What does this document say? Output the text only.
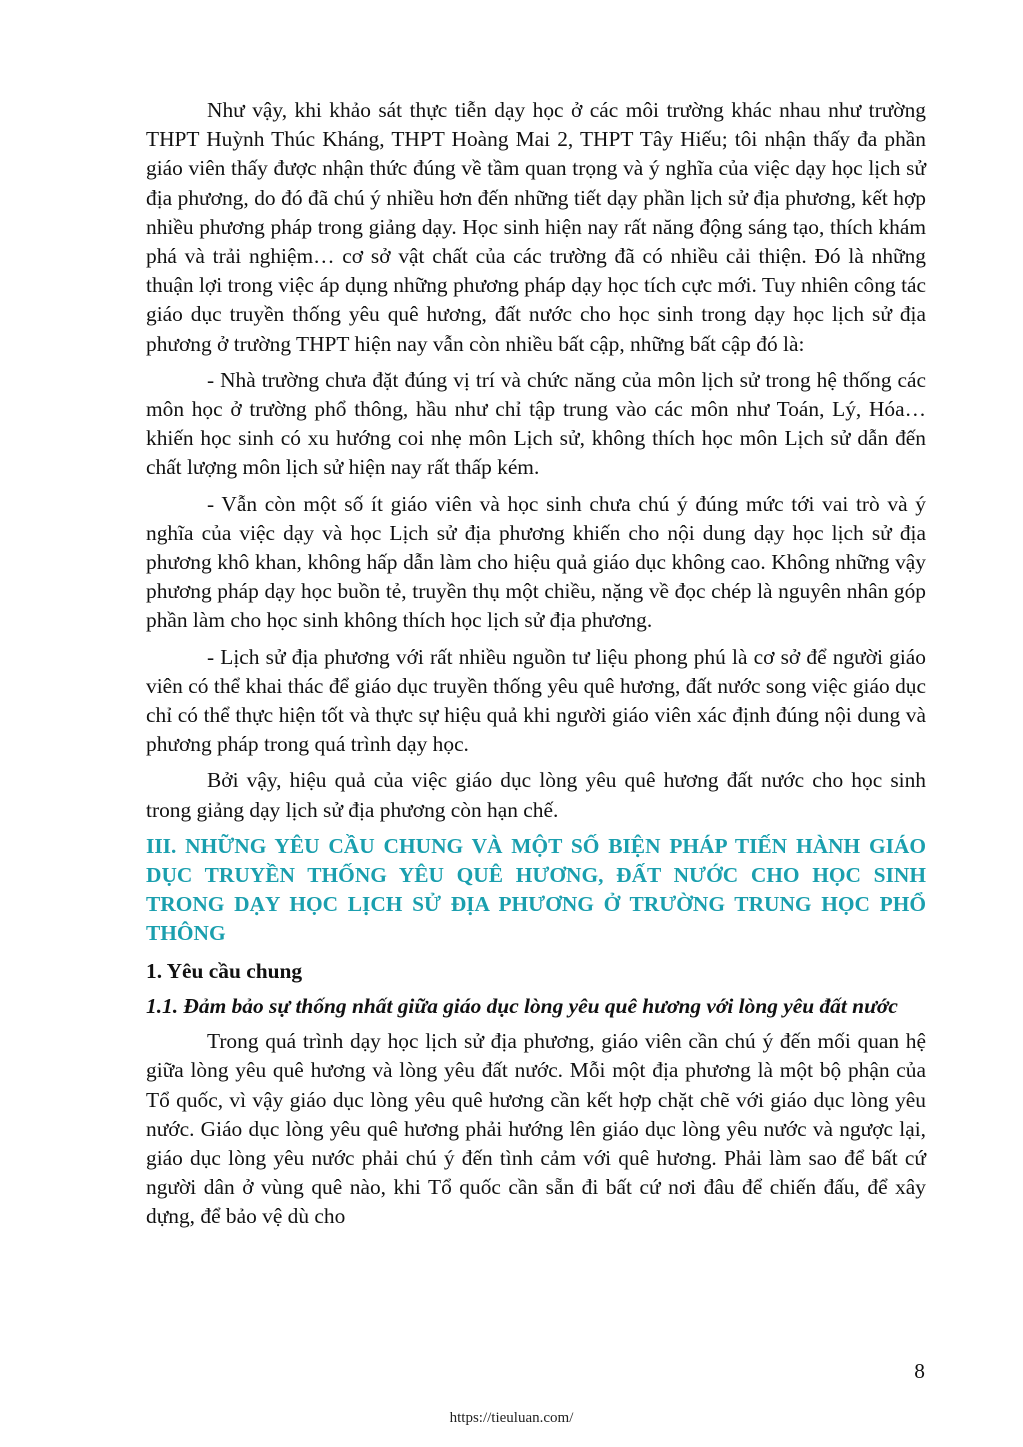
Như vậy, khi khảo sát thực tiễn dạy học ở các môi trường khác nhau như trường THPT Huỳnh Thúc Kháng, THPT Hoàng Mai 2, THPT Tây Hiếu; tôi nhận thấy đa phần giáo viên thấy được nhận thức đúng về tầm quan trọng và ý nghĩa của việc dạy học lịch sử địa phương, do đó đã chú ý nhiều hơn đến những tiết dạy phần lịch sử địa phương, kết hợp nhiều phương pháp trong giảng dạy. Học sinh hiện nay rất năng động sáng tạo, thích khám phá và trải nghiệm… cơ sở vật chất của các trường đã có nhiều cải thiện. Đó là những thuận lợi trong việc áp dụng những phương pháp dạy học tích cực mới. Tuy nhiên công tác giáo dục truyền thống yêu quê hương, đất nước cho học sinh trong dạy học lịch sử địa phương ở trường THPT hiện nay vẫn còn nhiều bất cập, những bất cập đó là:

- Nhà trường chưa đặt đúng vị trí và chức năng của môn lịch sử trong hệ thống các môn học ở trường phổ thông, hầu như chỉ tập trung vào các môn như Toán, Lý, Hóa… khiến học sinh có xu hướng coi nhẹ môn Lịch sử, không thích học môn Lịch sử dẫn đến chất lượng môn lịch sử hiện nay rất thấp kém.

- Vẫn còn một số ít giáo viên và học sinh chưa chú ý đúng mức tới vai trò và ý nghĩa của việc dạy và học Lịch sử địa phương khiến cho nội dung dạy học lịch sử địa phương khô khan, không hấp dẫn làm cho hiệu quả giáo dục không cao. Không những vậy phương pháp dạy học buồn tẻ, truyền thụ một chiều, nặng về đọc chép là nguyên nhân góp phần làm cho học sinh không thích học lịch sử địa phương.

- Lịch sử địa phương với rất nhiều nguồn tư liệu phong phú là cơ sở để người giáo viên có thể khai thác để giáo dục truyền thống yêu quê hương, đất nước song việc giáo dục chỉ có thể thực hiện tốt và thực sự hiệu quả khi người giáo viên xác định đúng nội dung và phương pháp trong quá trình dạy học.

Bởi vậy, hiệu quả của việc giáo dục lòng yêu quê hương đất nước cho học sinh trong giảng dạy lịch sử địa phương còn hạn chế.

III. NHỮNG YÊU CẦU CHUNG VÀ MỘT SỐ BIỆN PHÁP TIẾN HÀNH GIÁO DỤC TRUYỀN THỐNG YÊU QUÊ HƯƠNG, ĐẤT NƯỚC CHO HỌC SINH TRONG DẠY HỌC LỊCH SỬ ĐỊA PHƯƠNG Ở TRƯỜNG TRUNG HỌC PHỔ THÔNG
1. Yêu cầu chung
1.1. Đảm bảo sự thống nhất giữa giáo dục lòng yêu quê hương với lòng yêu đất nước

Trong quá trình dạy học lịch sử địa phương, giáo viên cần chú ý đến mối quan hệ giữa lòng yêu quê hương và lòng yêu đất nước. Mỗi một địa phương là một bộ phận của Tổ quốc, vì vậy giáo dục lòng yêu quê hương cần kết hợp chặt chẽ với giáo dục lòng yêu nước. Giáo dục lòng yêu quê hương phải hướng lên giáo dục lòng yêu nước và ngược lại, giáo dục lòng yêu nước phải chú ý đến tình cảm với quê hương. Phải làm sao để bất cứ người dân ở vùng quê nào, khi Tổ quốc cần sẵn đi bất cứ nơi đâu để chiến đấu, để xây dựng, để bảo vệ dù cho

8
https://tieuluan.com/
